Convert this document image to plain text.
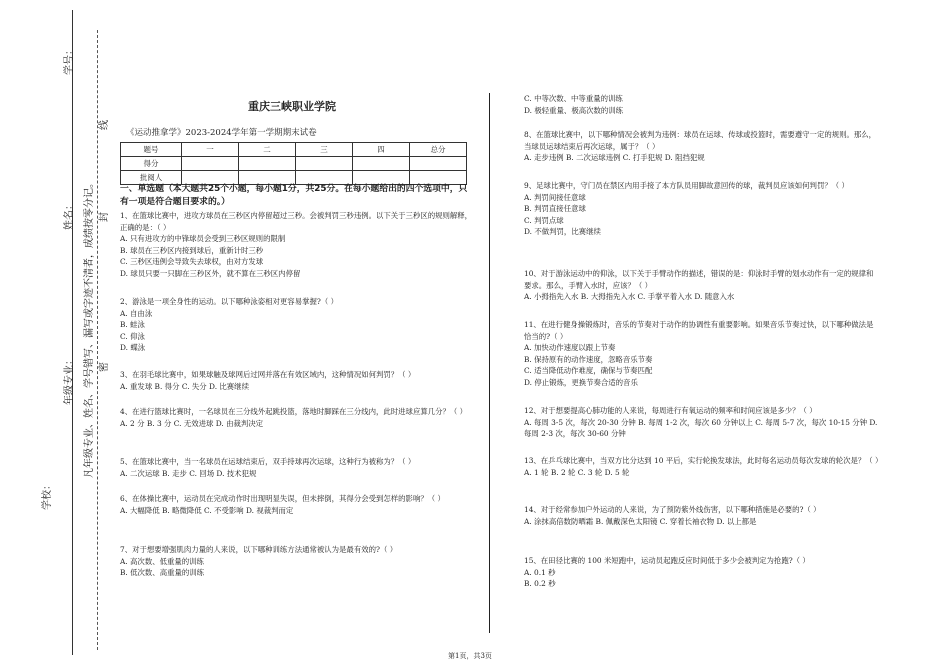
学校：
年级专业：
姓名：
学号：
凡年级专业、姓名、学号错写、漏写或字迹不清者，成绩按零分记。 密
封
线
重庆三峡职业学院
《运动推拿学》2023-2024学年第一学期期末试卷
题号	一	二	三	四	总分
得分					
批阅人					
一、单选题（本大题共25个小题，每小题1分，共25分。在每小题给出的四个选项中，只有一项是符合题目要求的。）
1、在篮球比赛中，进攻方球员在三秒区内停留超过三秒。会被判罚三秒违例。以下关于三秒区的规则解释，正确的是：（ ）
A. 只有进攻方的中锋球员会受到三秒区规则的限制
B. 球员在三秒区内接到球后，重新计时三秒
C. 三秒区违例会导致失去球权，由对方发球
D. 球员只要一只脚在三秒区外，就不算在三秒区内停留
2、游泳是一项全身性的运动。以下哪种泳姿相对更容易掌握?（ ）
A. 自由泳
B. 蛙泳
C. 仰泳
D. 蝶泳
3、在羽毛球比赛中，如果球触及球网后过网并落在有效区域内，这种情况如何判罚？（ ）
A. 重发球 B. 得分 C. 失分 D. 比赛继续
4、在进行篮球比赛时，一名球员在三分线外起跳投篮，落地时脚踩在三分线内，此时进球应算几分？（ ）
A. 2 分 B. 3 分 C. 无效进球 D. 由裁判决定
5、在篮球比赛中，当一名球员在运球结束后，双手持球再次运球，这种行为被称为？（ ）
A. 二次运球 B. 走步 C. 回场 D. 技术犯规
6、在体操比赛中，运动员在完成动作时出现明显失误，但未摔倒，其得分会受到怎样的影响？（ ）
A. 大幅降低 B. 略微降低 C. 不受影响 D. 视裁判而定
7、对于想要增强肌肉力量的人来说，以下哪种训练方法通常被认为是最有效的?（ ）
A. 高次数、低重量的训练
B. 低次数、高重量的训练
C. 中等次数、中等重量的训练
D. 极轻重量、极高次数的训练
8、在篮球比赛中，以下哪种情况会被判为违例：球员在运球、传球或投篮时，需要遵守一定的规则。那么，当球员运球结束后再次运球，属于？（ ）
A. 走步违例 B. 二次运球违例 C. 打手犯规 D. 阻挡犯规
9、足球比赛中，守门员在禁区内用手接了本方队员用脚故意回传的球，裁判员应该如何判罚？（ ）
A. 判罚间接任意球
B. 判罚直接任意球
C. 判罚点球
D. 不做判罚，比赛继续
10、对于游泳运动中的仰泳，以下关于手臂动作的描述，错误的是：仰泳时手臂的划水动作有一定的规律和要求。那么，手臂入水时，应该？（ ）
A. 小拇指先入水 B. 大拇指先入水 C. 手掌平着入水 D. 随意入水
11、在进行健身操锻炼时，音乐的节奏对于动作的协调性有重要影响。如果音乐节奏过快，以下哪种做法是恰当的?（ ）
A. 加快动作速度以跟上节奏
B. 保持原有的动作速度，忽略音乐节奏
C. 适当降低动作难度，确保与节奏匹配
D. 停止锻炼，更换节奏合适的音乐
12、对于想要提高心肺功能的人来说，每周进行有氧运动的频率和时间应该是多少？（ ）
A. 每周 3-5 次，每次 20-30 分钟 B. 每周 1-2 次，每次 60 分钟以上 C. 每周 5-7 次，每次 10-15 分钟 D. 每周 2-3 次，每次 30-60 分钟
13、在乒乓球比赛中，当双方比分达到 10 平后，实行轮换发球法，此时每名运动员每次发球的轮次是？（ ）
A. 1 轮 B. 2 轮 C. 3 轮 D. 5 轮
14、对于经常参加户外运动的人来说，为了预防紫外线伤害，以下哪种措施是必要的?（ ）
A. 涂抹高倍数防晒霜 B. 佩戴深色太阳镜 C. 穿着长袖衣物 D. 以上都是
15、在田径比赛的 100 米短跑中，运动员起跑反应时间低于多少会被判定为抢跑?（ ）
A. 0.1 秒
B. 0.2 秒
第1页，共3页
